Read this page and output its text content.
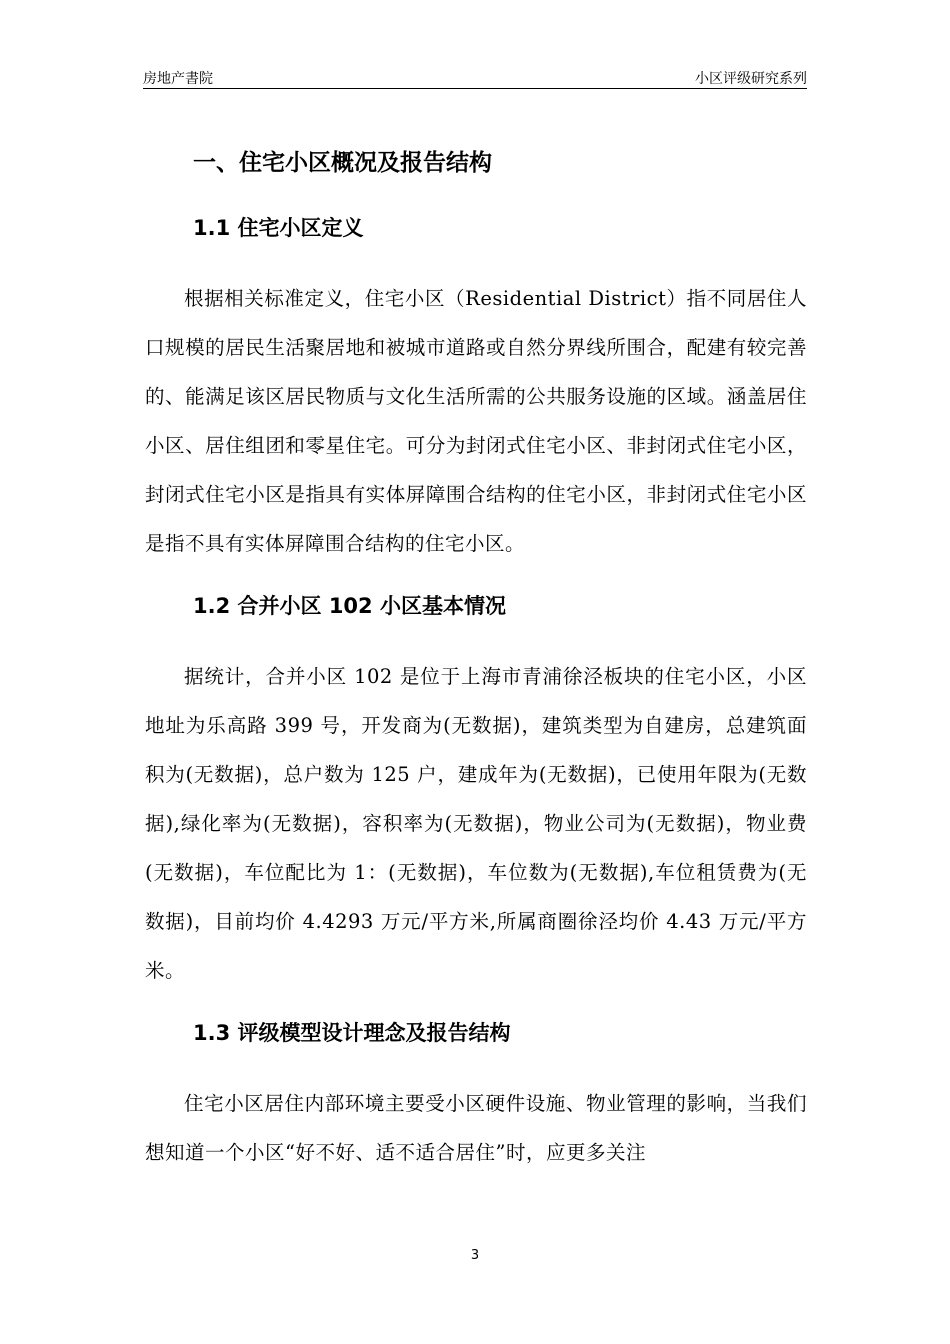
房地产書院	小区评级研究系列
一、住宅小区概况及报告结构
1.1 住宅小区定义

根据相关标准定义，住宅小区（Residential District）指不同居住人口规模的居民生活聚居地和被城市道路或自然分界线所围合，配建有较完善的、能满足该区居民物质与文化生活所需的公共服务设施的区域。涵盖居住小区、居住组团和零星住宅。可分为封闭式住宅小区、非封闭式住宅小区，封闭式住宅小区是指具有实体屏障围合结构的住宅小区，非封闭式住宅小区是指不具有实体屏障围合结构的住宅小区。

1.2 合并小区 102 小区基本情况

据统计，合并小区 102 是位于上海市青浦徐泾板块的住宅小区，小区地址为乐高路 399 号，开发商为(无数据)，建筑类型为自建房，总建筑面积为(无数据)，总户数为 125 户，建成年为(无数据)，已使用年限为(无数据),绿化率为(无数据)，容积率为(无数据)，物业公司为(无数据)，物业费(无数据)，车位配比为 1：(无数据)，车位数为(无数据),车位租赁费为(无数据)，目前均价 4.4293 万元/平方米,所属商圈徐泾均价 4.43 万元/平方米。

1.3 评级模型设计理念及报告结构

住宅小区居住内部环境主要受小区硬件设施、物业管理的影响，当我们想知道一个小区“好不好、适不适合居住”时，应更多关注

3
